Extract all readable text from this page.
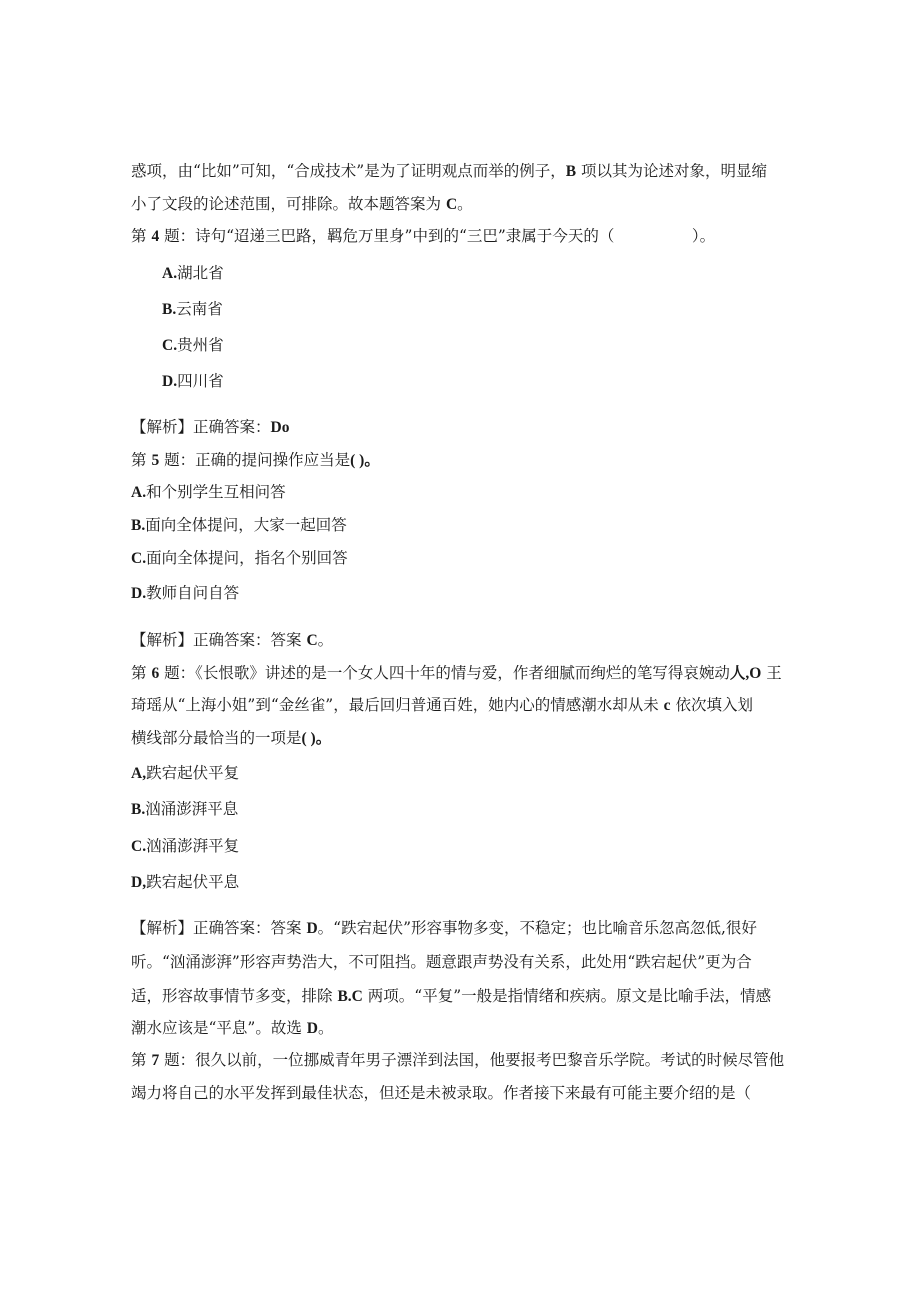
惑项，由“比如”可知，“合成技术”是为了证明观点而举的例子，B 项以其为论述对象，明显缩
小了文段的论述范围，可排除。故本题答案为 C。
第 4 题：诗句“迢递三巴路，羁危万里身”中到的“三巴”隶属于今天的（　　　　　）。
A.湖北省
B.云南省
C.贵州省
D.四川省
【解析】正确答案：Do
第 5 题：正确的提问操作应当是( )。
A.和个别学生互相问答
B.面向全体提问，大家一起回答
C.面向全体提问，指名个别回答
D.教师自问自答
【解析】正确答案：答案 C。
第 6 题：《长恨歌》讲述的是一个女人四十年的情与爱，作者细腻而绚烂的笔写得哀婉动人,O 王
琦瑶从“上海小姐”到“金丝雀”，最后回归普通百姓，她内心的情感潮水却从未 c 依次填入划
横线部分最恰当的一项是( )。
A,跌宕起伏平复
B.汹涌澎湃平息
C.汹涌澎湃平复
D,跌宕起伏平息
【解析】正确答案：答案 D。“跌宕起伏”形容事物多变，不稳定；也比喻音乐忽高忽低,很好
听。“汹涌澎湃”形容声势浩大，不可阻挡。题意跟声势没有关系，此处用“跌宕起伏”更为合
适，形容故事情节多变，排除 B.C 两项。“平复”一般是指情绪和疾病。原文是比喻手法，情感
潮水应该是“平息”。故选 D。
第 7 题：很久以前，一位挪威青年男子漂洋到法国，他要报考巴黎音乐学院。考试的时候尽管他
竭力将自己的水平发挥到最佳状态，但还是未被录取。作者接下来最有可能主要介绍的是（
